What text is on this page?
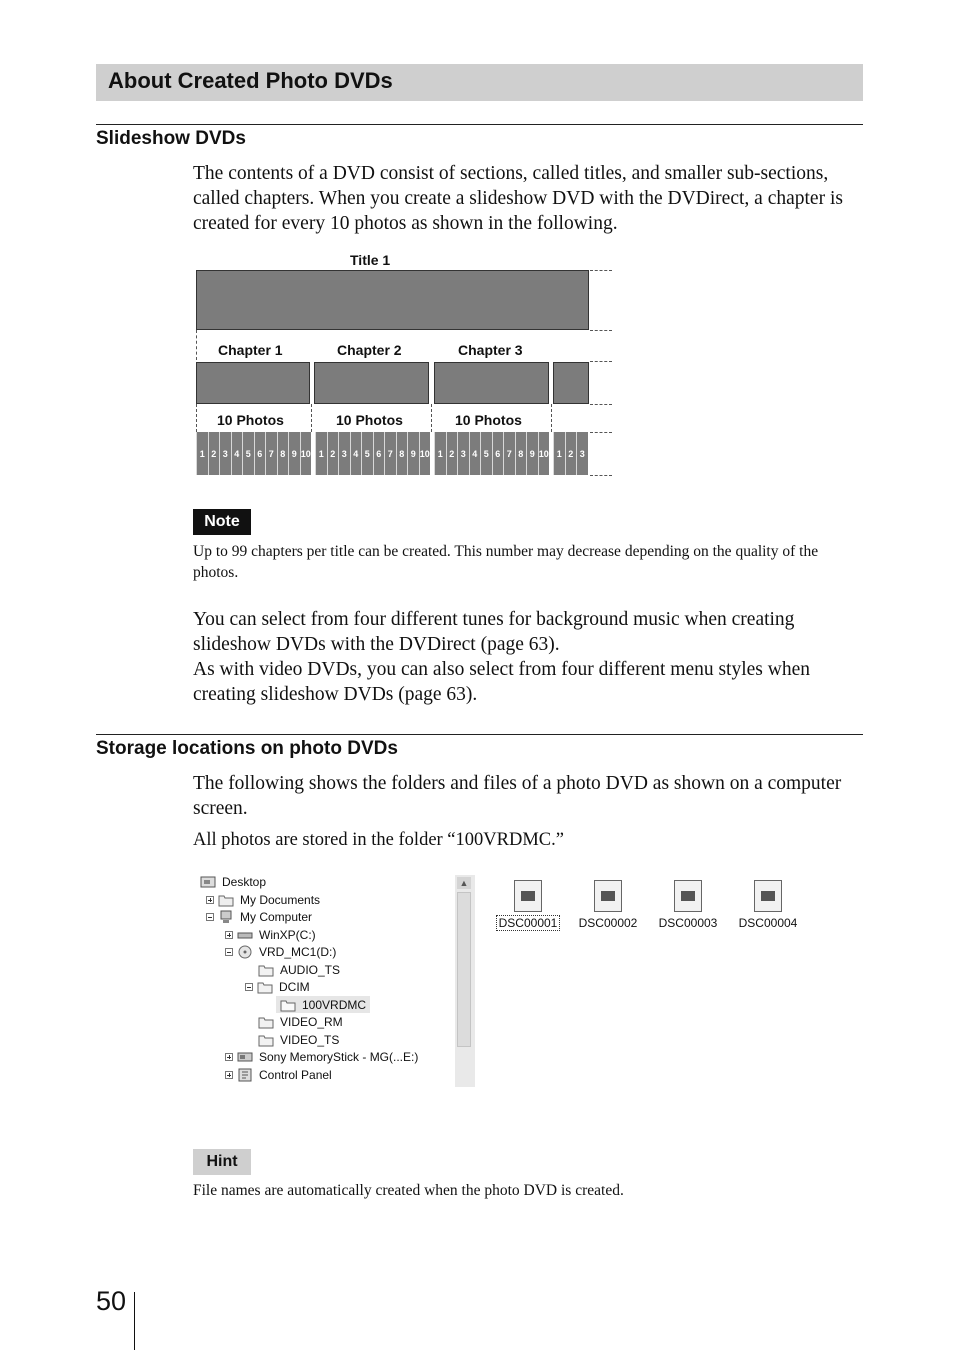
About Created Photo DVDs
Slideshow DVDs
The contents of a DVD consist of sections, called titles, and smaller sub-sections, called chapters. When you create a slideshow DVD with the DVDirect, a chapter is created for every 10 photos as shown in the following.
Title 1
Chapter 1	Chapter 2	Chapter 3
10 Photos	10 Photos	10 Photos
1 2 3 4 5 6 7 8 9 10 1 2 3 4 5 6 7 8 9 10 1 2 3 4 5 6 7 8 9 10 1 2 3
Note
Up to 99 chapters per title can be created. This number may decrease depending on the quality of the photos.
You can select from four different tunes for background music when creating slideshow DVDs with the DVDirect (page 63).
As with video DVDs, you can also select from four different menu styles when creating slideshow DVDs (page 63).
Storage locations on photo DVDs
The following shows the folders and files of a photo DVD as shown on a computer screen.
All photos are stored in the folder “100VRDMC.”
Desktop
My Documents
My Computer
WinXP(C:)
VRD_MC1(D:)
AUDIO_TS
DCIM
100VRDMC
VIDEO_RM
VIDEO_TS
Sony MemoryStick - MG(...E:)
Control Panel
▲
DSC00001	DSC00002	DSC00003	DSC00004
Hint
File names are automatically created when the photo DVD is created.
50
